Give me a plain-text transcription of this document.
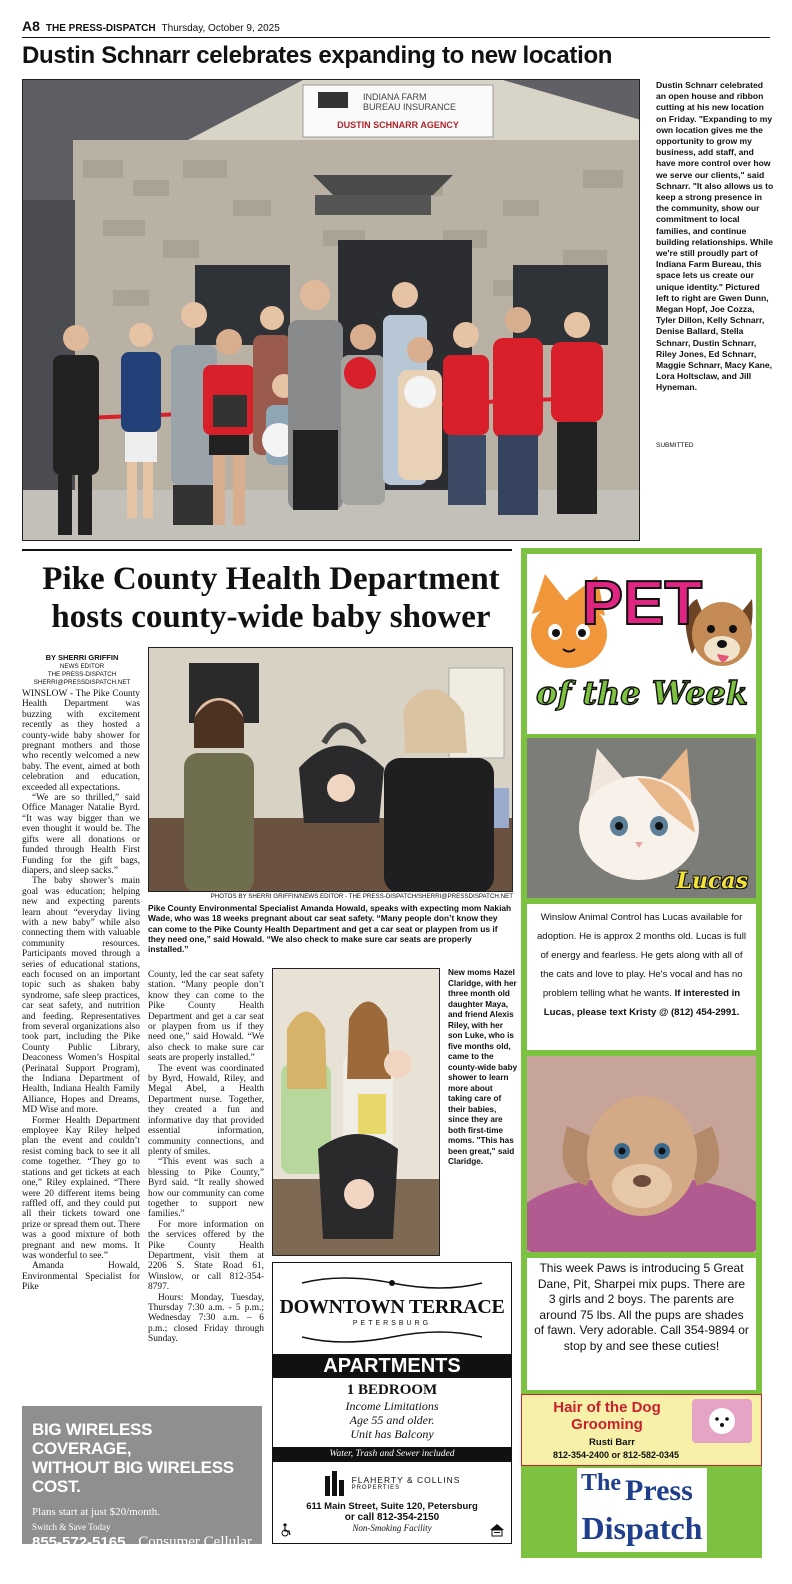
A8 THE PRESS-DISPATCH Thursday, October 9, 2025
Dustin Schnarr celebrates expanding to new location
INDIANA FARM
BUREAU INSURANCE
DUSTIN SCHNARR AGENCY
Dustin Schnarr celebrated an open house and ribbon cutting at his new location on Friday. "Expanding to my own location gives me the opportunity to grow my business, add staff, and have more control over how we serve our clients," said Schnarr. "It also allows us to keep a strong presence in the community, show our commitment to local families, and continue building relationships. While we're still proudly part of Indiana Farm Bureau, this space lets us create our unique identity." Pictured left to right are Gwen Dunn, Megan Hopf, Joe Cozza, Tyler Dillon, Kelly Schnarr, Denise Ballard, Stella Schnarr, Dustin Schnarr, Riley Jones, Ed Schnarr, Maggie Schnarr, Macy Kane, Lora Holtsclaw, and Jill Hyneman.
SUBMITTED
Pike County Health Department
hosts county-wide baby shower
BY SHERRI GRIFFIN
NEWS EDITOR
THE PRESS-DISPATCH
SHERRI@PRESSDISPATCH.NET

WINSLOW - The Pike County Health Department was buzzing with excitement recently as they hosted a county-wide baby shower for pregnant mothers and those who recently welcomed a new baby. The event, aimed at both celebration and education, exceeded all expectations.

“We are so thrilled,” said Office Manager Natalie Byrd. “It was way bigger than we even thought it would be. The gifts were all donations or funded through Health First Funding for the gift bags, diapers, and sleep sacks.”

The baby shower’s main goal was education; helping new and expecting parents learn about “everyday living with a new baby” while also connecting them with valuable community resources. Participants moved through a series of educational stations, each focused on an important topic such as shaken baby syndrome, safe sleep practices, car seat safety, and nutrition and feeding. Representatives from several organizations also took part, including the Pike County Public Library, Deaconess Women’s Hospital (Perinatal Support Program), the Indiana Department of Health, Indiana Health Family Alliance, Hopes and Dreams, MD Wise and more.

Former Health Department employee Kay Riley helped plan the event and couldn’t resist coming back to see it all come together. “They go to stations and get tickets at each one,” Riley explained. “There were 20 different items being raffled off, and they could put all their tickets toward one prize or spread them out. There was a good mixture of both pregnant and new moms. It was wonderful to see.”

Amanda Howald, Environmental Specialist for Pike

PHOTOS BY SHERRI GRIFFIN/NEWS EDITOR - THE PRESS-DISPATCH/SHERRI@PRESSDISPATCH.NET
Pike County Environmental Specialist Amanda Howald, speaks with expecting mom Nakiah Wade, who was 18 weeks pregnant about car seat safety. “Many people don’t know they can come to the Pike County Health Department and get a car seat or playpen from us if they need one,” said Howald. “We also check to make sure car seats are properly installed.”

County, led the car seat safety station. “Many people don’t know they can come to the Pike County Health Department and get a car seat or playpen from us if they need one,” said Howald. “We also check to make sure car seats are properly installed.”

The event was coordinated by Byrd, Howald, Riley, and Megal Abel, a Health Department nurse. Together, they created a fun and informative day that provided essential information, community connections, and plenty of smiles.

“This event was such a blessing to Pike County,” Byrd said. “It really showed how our community can come together to support new families.”

For more information on the services offered by the Pike County Health Department, visit them at 2206 S. State Road 61, Winslow, or call 812-354-8797.

Hours: Monday, Tuesday, Thursday 7:30 a.m. - 5 p.m.; Wednesday 7:30 a.m. – 6 p.m.; closed Friday through Sunday.

New moms Hazel Claridge, with her three month old daughter Maya, and friend Alexis Riley, with her son Luke, who is five months old, came to the county-wide baby shower to learn more about taking care of their babies, since they are both first-time moms. "This has been great," said Claridge.
BIG WIRELESS COVERAGE,
WITHOUT BIG WIRELESS COST.
Plans start at just $20/month.
Switch & Save Today
855-572-5165 Consumer Cellular
DOWNTOWN TERRACE
PETERSBURG
APARTMENTS
1 BEDROOM
Income Limitations
Age 55 and older.
Unit has Balcony
Water, Trash and Sewer included
FLAHERTY & COLLINS
PROPERTIES
611 Main Street, Suite 120, Petersburg
or call 812-354-2150
Non-Smoking Facility
PET
of the Week
Lucas
Winslow Animal Control has Lucas available for adoption. He is approx 2 months old. Lucas is full of energy and fearless. He gets along with all of the cats and love to play. He's vocal and has no problem telling what he wants. If interested in Lucas, please text Kristy @ (812) 454-2991.
This week Paws is introducing 5 Great Dane, Pit, Sharpei mix pups. There are 3 girls and 2 boys. The parents are around 75 lbs. All the pups are shades of fawn. Very adorable. Call 354-9894 or stop by and see these cuties!
Hair of the Dog
Grooming
Rusti Barr
812-354-2400 or 812-582-0345
The Press
Dispatch
